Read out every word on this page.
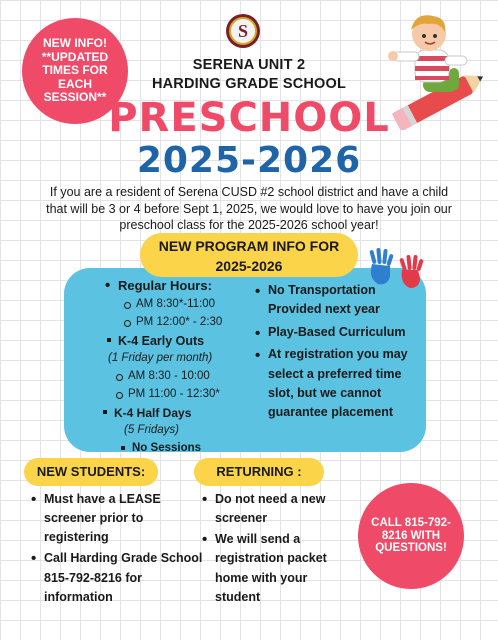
NEW INFO! **UPDATED TIMES FOR EACH SESSION**
S
SERENA UNIT 2
HARDING GRADE SCHOOL
PRESCHOOL
2025-2026
If you are a resident of Serena CUSD #2 school district and have a child that will be 3 or 4 before Sept 1, 2025, we would love to have you join our preschool class for the 2025-2026 school year!
NEW PROGRAM INFO FOR
2025-2026
• Regular Hours:
AM 8:30*-11:00
PM 12:00* - 2:30
K-4 Early Outs
(1 Friday per month)
AM 8:30 - 10:00
PM 11:00 - 12:30*
K-4 Half Days
(5 Fridays)
No Sessions
• No Transportation Provided next year
• Play-Based Curriculum
• At registration you may select a preferred time slot, but we cannot guarantee placement
NEW STUDENTS:	RETURNING :
• Must have a LEASE screener prior to registering
• Call Harding Grade School 815-792-8216 for information
• Do not need a new screener
• We will send a registration packet home with your student
CALL 815-792-8216 WITH QUESTIONS!
